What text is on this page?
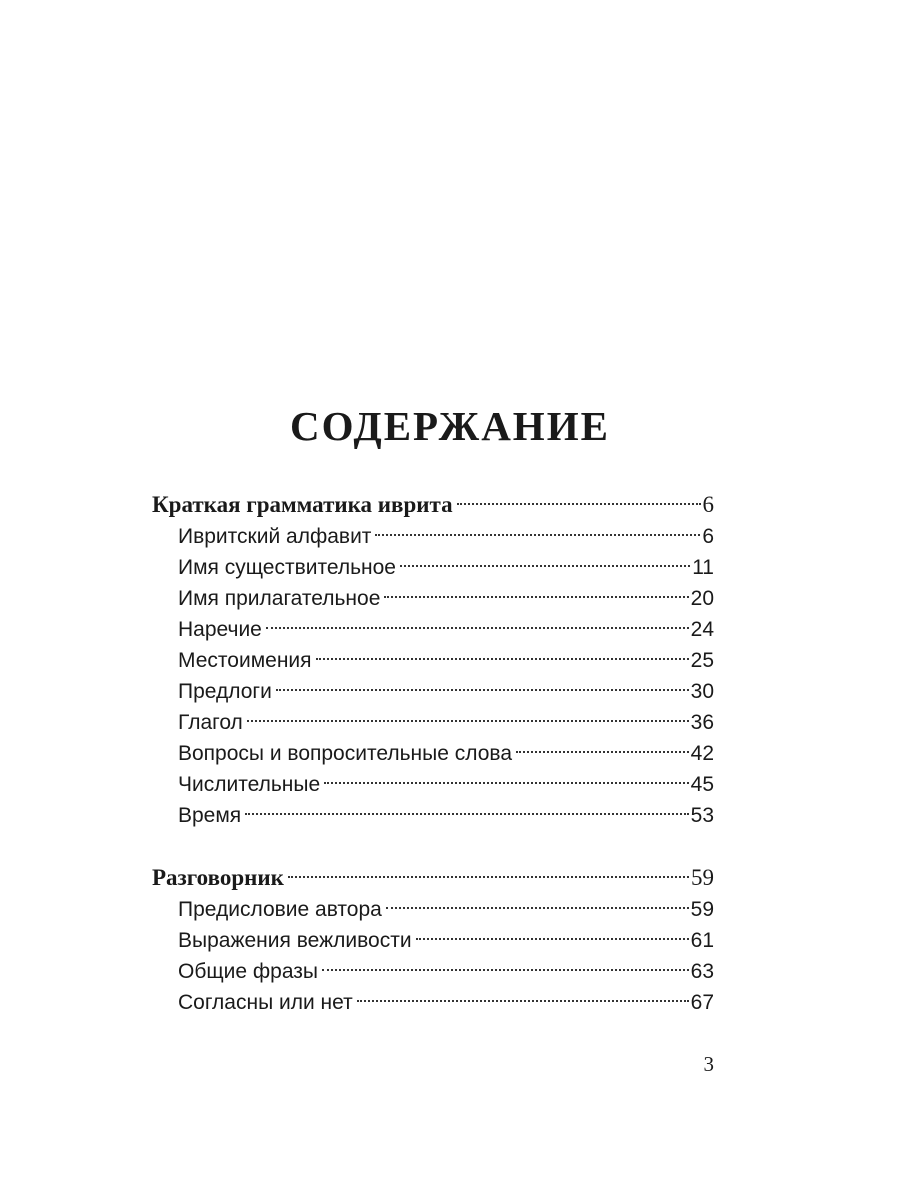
СОДЕРЖАНИЕ
Краткая грамматика иврита	6
Ивритский алфавит	6
Имя существительное	11
Имя прилагательное	20
Наречие	24
Местоимения	25
Предлоги	30
Глагол	36
Вопросы и вопросительные слова	42
Числительные	45
Время	53
Разговорник	59
Предисловие автора	59
Выражения вежливости	61
Общие фразы	63
Согласны или нет	67
3
